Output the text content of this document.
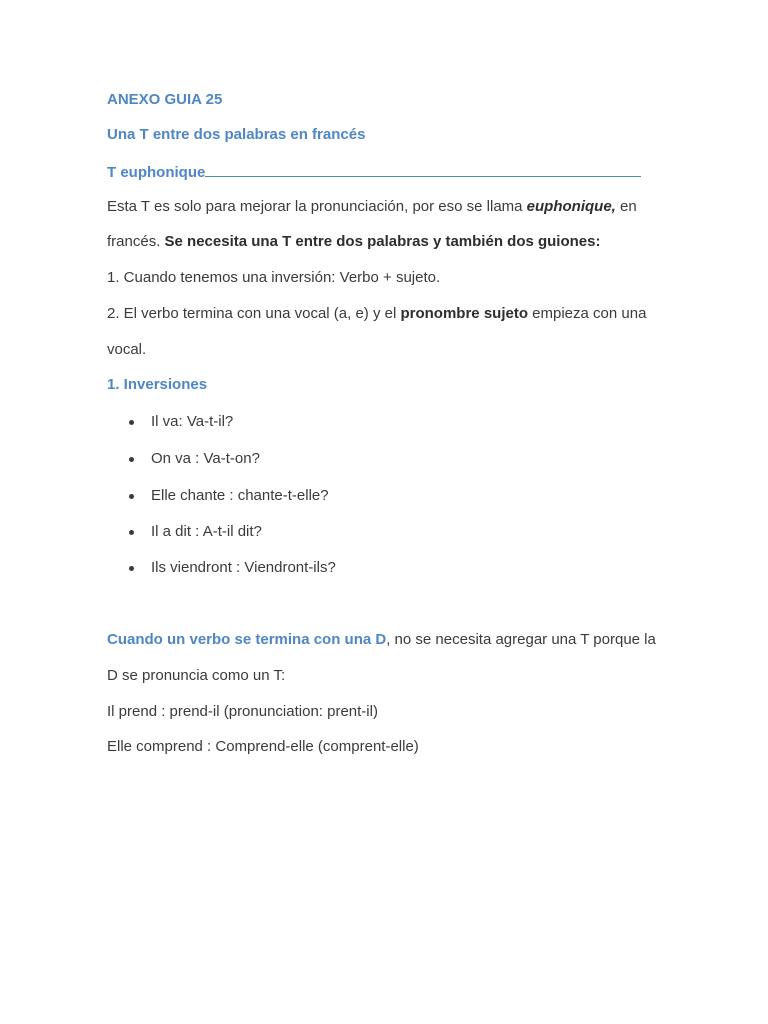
ANEXO GUIA 25
Una T entre dos palabras en francés
T euphonique
Esta T es solo para mejorar la pronunciación, por eso se llama euphonique, en
francés. Se necesita una T entre dos palabras y también dos guiones:
1. Cuando tenemos una inversión: Verbo + sujeto.
2. El verbo termina con una vocal (a, e) y el pronombre sujeto empieza con una
vocal.
1. Inversiones
Il va: Va-t-il?
On va : Va-t-on?
Elle chante : chante-t-elle?
Il a dit : A-t-il dit?
Ils viendront : Viendront-ils?
Cuando un verbo se termina con una D, no se necesita agregar una T porque la
D se pronuncia como un T:
Il prend : prend-il (pronunciation: prent-il)
Elle comprend : Comprend-elle (comprent-elle)
